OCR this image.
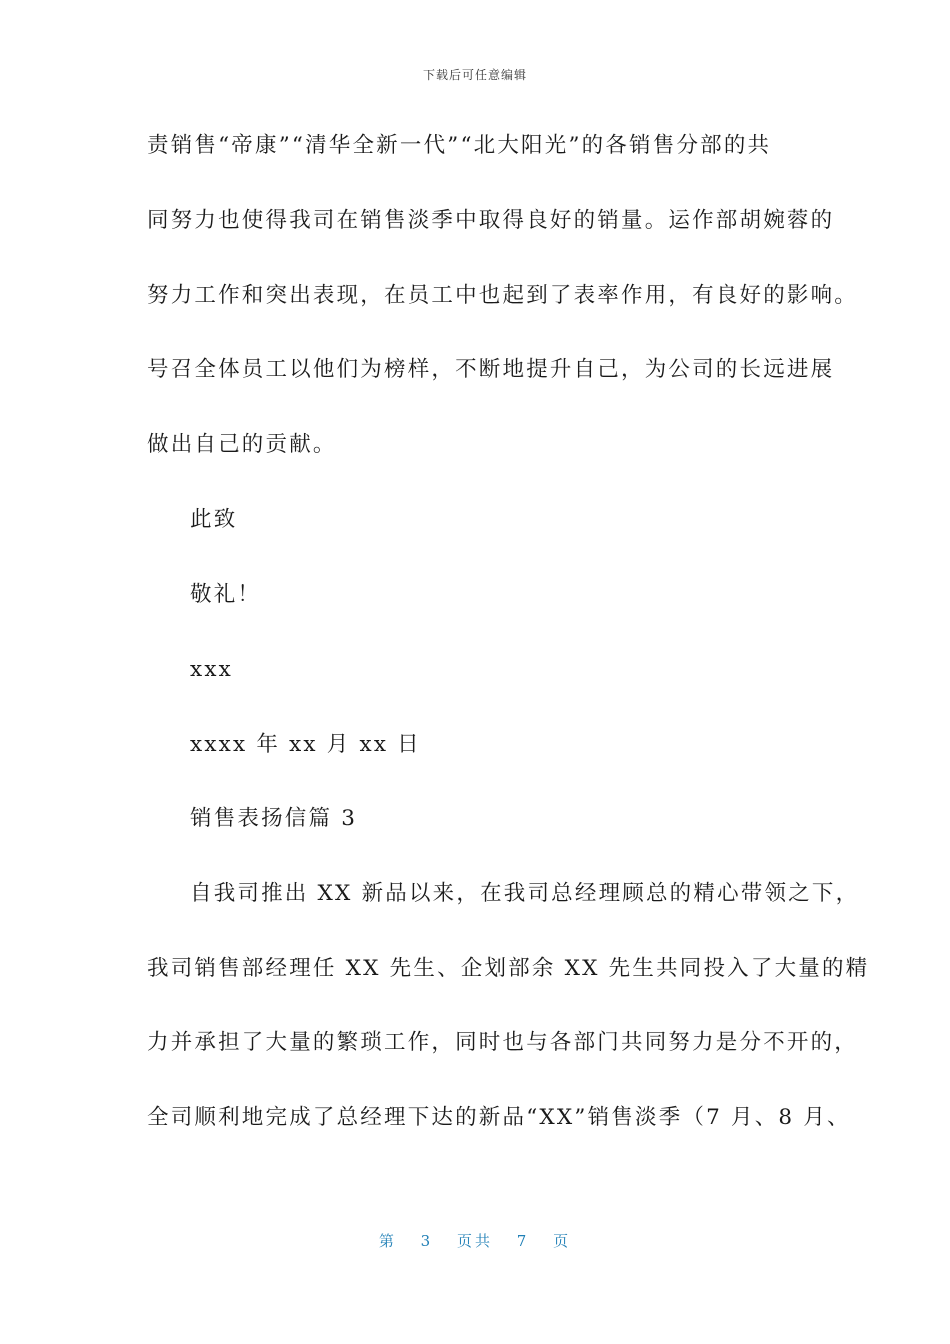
下载后可任意编辑
责销售“帝康”“清华全新一代”“北大阳光”的各销售分部的共
同努力也使得我司在销售淡季中取得良好的销量。运作部胡婉蓉的
努力工作和突出表现，在员工中也起到了表率作用，有良好的影响。
号召全体员工以他们为榜样，不断地提升自己，为公司的长远进展
做出自己的贡献。
此致
敬礼！
xxx
xxxx 年 xx 月 xx 日
销售表扬信篇 3
自我司推出 XX 新品以来，在我司总经理顾总的精心带领之下，
我司销售部经理任 XX 先生、企划部余 XX 先生共同投入了大量的精
力并承担了大量的繁琐工作，同时也与各部门共同努力是分不开的，
全司顺利地完成了总经理下达的新品“XX”销售淡季（7 月、8 月、
第 3 页共 7 页
